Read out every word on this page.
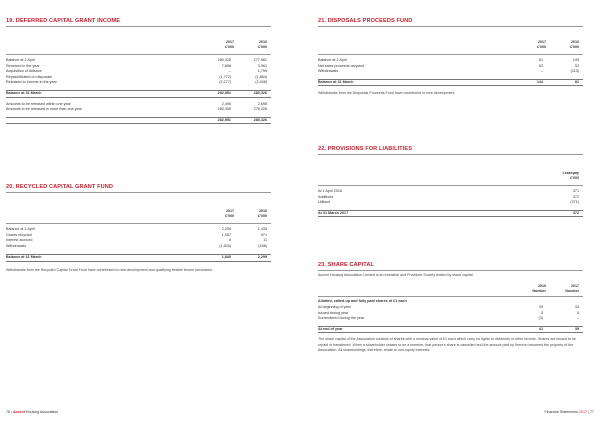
19. DEFERRED CAPITAL GRANT INCOME
2017
£'000
2016
£'000
Balance at 1 April	280,326	277,961
Received in the year	7,696	3,961
Acquisition of Alliance	–	1,799
Repaid/Abated on disposals	(1,772)	(1,884)
Released to income in the year	(3,277)	(3,498)
Balance at 31 March	282,951	280,326
Amounts to be released within one year	2,496	2,698
Amounts to be released in more than one year	280,455	278,028
282,951	280,326
20. RECYCLED CAPITAL GRANT FUND
2017
£'000
2016
£'000
Balance at 1 April	2,299	1,435
Grants recycled	1,057	971
Interest accrued	8	11
Withdrawals	(1,526)	(188)
Balance at 31 March	1,840	2,299
Withdrawals from the Recycled Capital Grant Fund have contributed to new development and qualifying flexible tenure purchases.
76 | Accent Housing Association
21. DISPOSALS PROCEEDS FUND
2017
£'000
2016
£'000
Balance at 1 April	81	149
Net sales proceeds recycled	63	53
Withdrawals	–	(113)
Balance at 31 March	144	81
Withdrawals from the Disposals Proceeds Fund have contributed to new development.
22. PROVISIONS FOR LIABILITIES
Leasepay
£'000
At 1 April 2016	371
Additions	372
Utilised	(371)
At 31 March 2017	372
23. SHARE CAPITAL
Accent Housing Association Limited is an Industrial and Provident Society limited by share capital.
2016
Number
2017
Number
Allotted, called-up and fully paid shares of £1 each
At beginning of year	39	34
Issued during year	5	5
Surrendered during the year	(3)	–
At end of year	41	39
The share capital of the Association consists of shares with a nominal value of £1 each which carry no rights to dividends or other income. Shares are issued to be repaid or transferred. When a shareholder ceases to be a member, that person's share is cancelled and the amount paid up thereon becomes the property of the Association. All shareholdings, therefore, relate to non-equity interests.
Financial Statements 2017 | 77
